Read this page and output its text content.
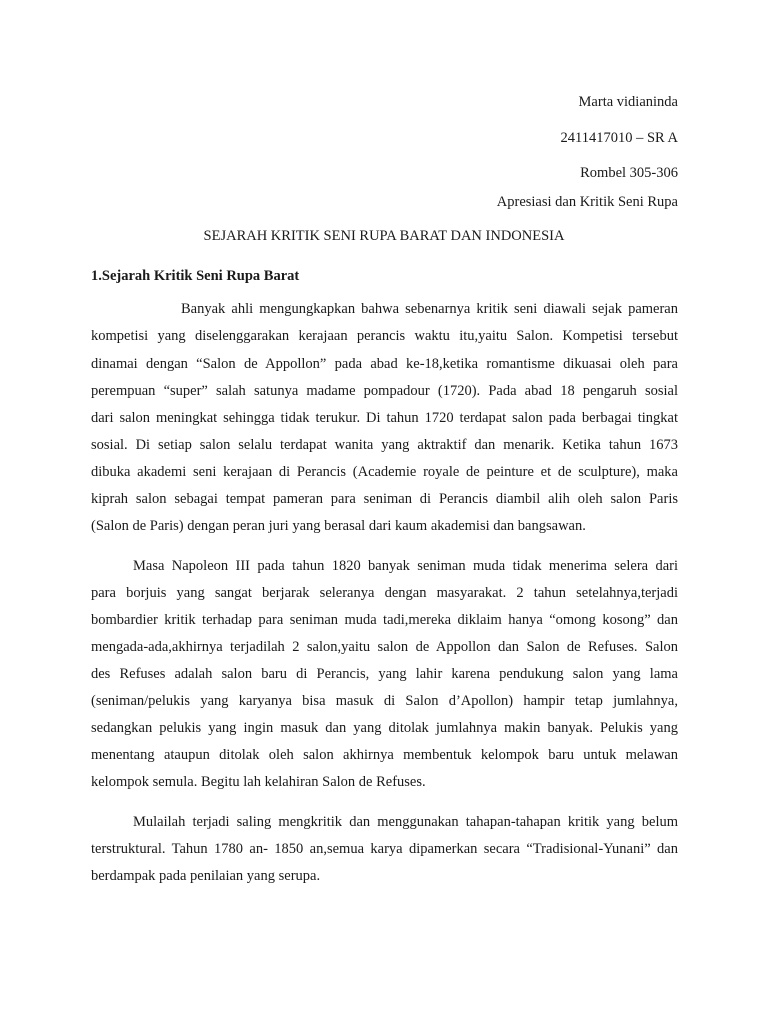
Marta vidianinda
2411417010 – SR A
Rombel 305-306
Apresiasi dan Kritik Seni Rupa
SEJARAH KRITIK SENI RUPA BARAT DAN INDONESIA
1.Sejarah Kritik Seni Rupa Barat
Banyak ahli mengungkapkan bahwa sebenarnya kritik seni diawali sejak pameran
kompetisi yang diselenggarakan kerajaan perancis waktu itu,yaitu Salon. Kompetisi tersebut
dinamai dengan “Salon de Appollon” pada abad ke-18,ketika romantisme dikuasai oleh para
perempuan “super” salah satunya madame pompadour (1720). Pada abad 18 pengaruh sosial
dari salon meningkat sehingga tidak terukur. Di tahun 1720 terdapat salon pada berbagai tingkat
sosial. Di setiap salon selalu terdapat wanita yang aktraktif dan menarik. Ketika tahun 1673
dibuka akademi seni kerajaan di Perancis (Academie royale de peinture et de sculpture), maka
kiprah salon sebagai tempat pameran para seniman di Perancis diambil alih oleh salon Paris
(Salon de Paris) dengan peran juri yang berasal dari kaum akademisi dan bangsawan.
Masa Napoleon III pada tahun 1820 banyak seniman muda tidak menerima selera dari
para borjuis yang sangat berjarak seleranya dengan masyarakat. 2 tahun setelahnya,terjadi
bombardier kritik terhadap para seniman muda tadi,mereka diklaim hanya “omong kosong” dan
mengada-ada,akhirnya terjadilah 2 salon,yaitu salon de Appollon dan Salon de Refuses. Salon
des Refuses adalah salon baru di Perancis, yang lahir karena pendukung salon yang lama
(seniman/pelukis yang karyanya bisa masuk di Salon d’Apollon) hampir tetap jumlahnya,
sedangkan pelukis yang ingin masuk dan yang ditolak jumlahnya makin banyak. Pelukis yang
menentang ataupun ditolak oleh salon akhirnya membentuk kelompok baru untuk melawan
kelompok semula. Begitu lah kelahiran Salon de Refuses.
Mulailah terjadi saling mengkritik dan menggunakan tahapan-tahapan kritik yang belum
terstruktural. Tahun 1780 an- 1850 an,semua karya dipamerkan secara “Tradisional-Yunani” dan
berdampak pada penilaian yang serupa.
